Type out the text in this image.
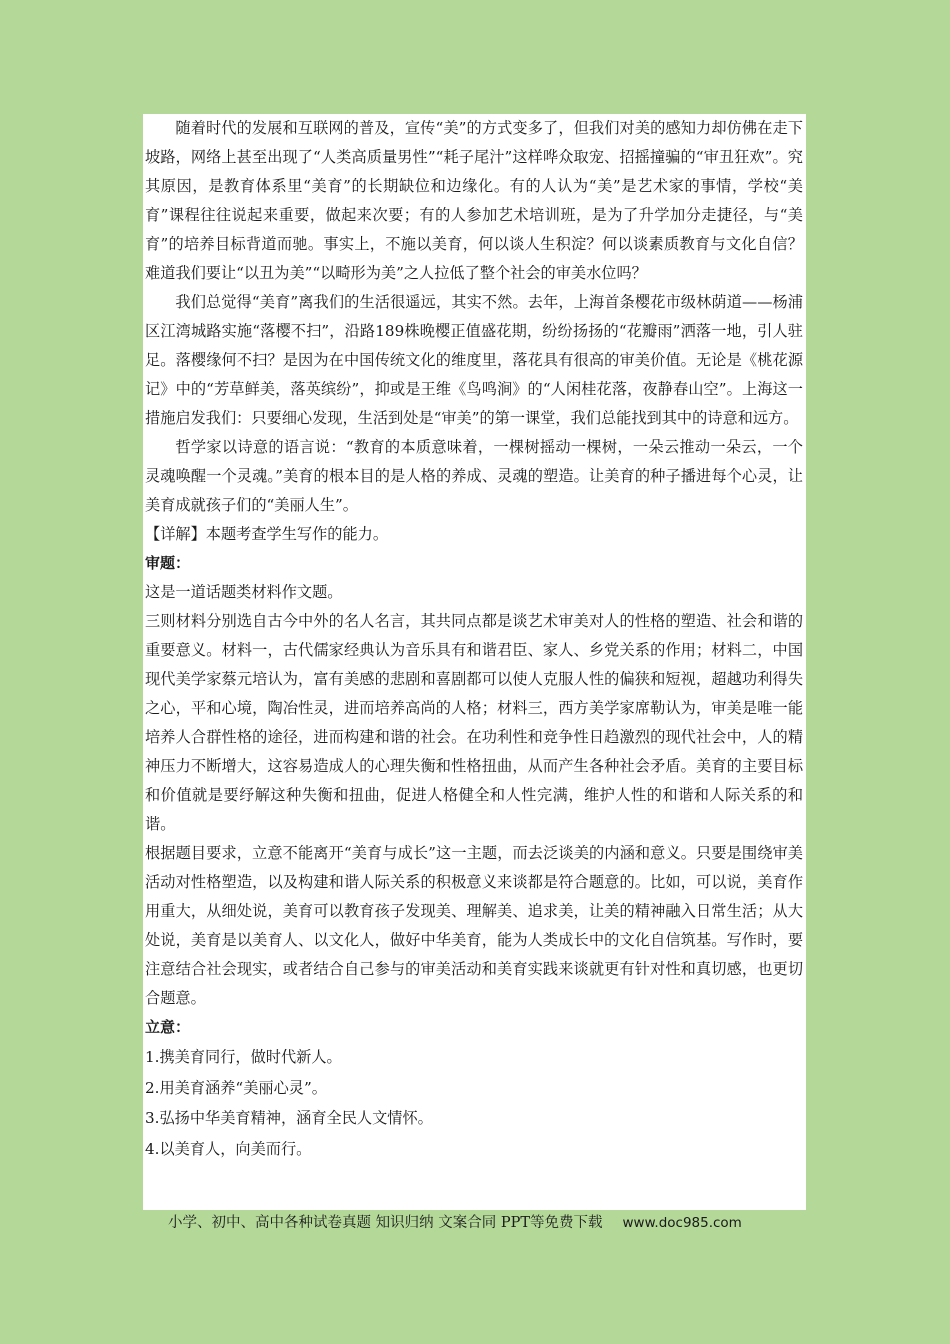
随着时代的发展和互联网的普及，宣传“美”的方式变多了，但我们对美的感知力却仿佛在走下坡路，网络上甚至出现了“人类高质量男性”“耗子尾汁”这样哗众取宠、招摇撞骗的“审丑狂欢”。究其原因，是教育体系里“美育”的长期缺位和边缘化。有的人认为“美”是艺术家的事情，学校“美育”课程往往说起来重要，做起来次要；有的人参加艺术培训班，是为了升学加分走捷径，与“美育”的培养目标背道而驰。事实上，不施以美育，何以谈人生积淀？何以谈素质教育与文化自信？难道我们要让“以丑为美”“以畸形为美”之人拉低了整个社会的审美水位吗？

我们总觉得“美育”离我们的生活很遥远，其实不然。去年，上海首条樱花市级林荫道——杨浦区江湾城路实施“落樱不扫”，沿路189株晚樱正值盛花期，纷纷扬扬的“花瓣雨”洒落一地，引人驻足。落樱缘何不扫？是因为在中国传统文化的维度里，落花具有很高的审美价值。无论是《桃花源记》中的“芳草鲜美，落英缤纷”，抑或是王维《鸟鸣涧》的“人闲桂花落，夜静春山空”。上海这一措施启发我们：只要细心发现，生活到处是“审美”的第一课堂，我们总能找到其中的诗意和远方。

哲学家以诗意的语言说：“教育的本质意味着，一棵树摇动一棵树，一朵云推动一朵云，一个灵魂唤醒一个灵魂。”美育的根本目的是人格的养成、灵魂的塑造。让美育的种子播进每个心灵，让美育成就孩子们的“美丽人生”。

【详解】本题考查学生写作的能力。

审题：

这是一道话题类材料作文题。

三则材料分别选自古今中外的名人名言，其共同点都是谈艺术审美对人的性格的塑造、社会和谐的重要意义。材料一，古代儒家经典认为音乐具有和谐君臣、家人、乡党关系的作用；材料二，中国现代美学家蔡元培认为，富有美感的悲剧和喜剧都可以使人克服人性的偏狭和短视，超越功利得失之心，平和心境，陶冶性灵，进而培养高尚的人格；材料三，西方美学家席勒认为，审美是唯一能培养人合群性格的途径，进而构建和谐的社会。在功利性和竞争性日趋激烈的现代社会中，人的精神压力不断增大，这容易造成人的心理失衡和性格扭曲，从而产生各种社会矛盾。美育的主要目标和价值就是要纾解这种失衡和扭曲，促进人格健全和人性完满，维护人性的和谐和人际关系的和谐。

根据题目要求，立意不能离开“美育与成长”这一主题，而去泛谈美的内涵和意义。只要是围绕审美活动对性格塑造，以及构建和谐人际关系的积极意义来谈都是符合题意的。比如，可以说，美育作用重大，从细处说，美育可以教育孩子发现美、理解美、追求美，让美的精神融入日常生活；从大处说，美育是以美育人、以文化人，做好中华美育，能为人类成长中的文化自信筑基。写作时，要注意结合社会现实，或者结合自己参与的审美活动和美育实践来谈就更有针对性和真切感，也更切合题意。

立意：

1.携美育同行，做时代新人。

2.用美育涵养“美丽心灵”。

3.弘扬中华美育精神，涵育全民人文情怀。

4.以美育人，向美而行。

小学、初中、高中各种试卷真题 知识归纳 文案合同 PPT等免费下载 www.doc985.com
